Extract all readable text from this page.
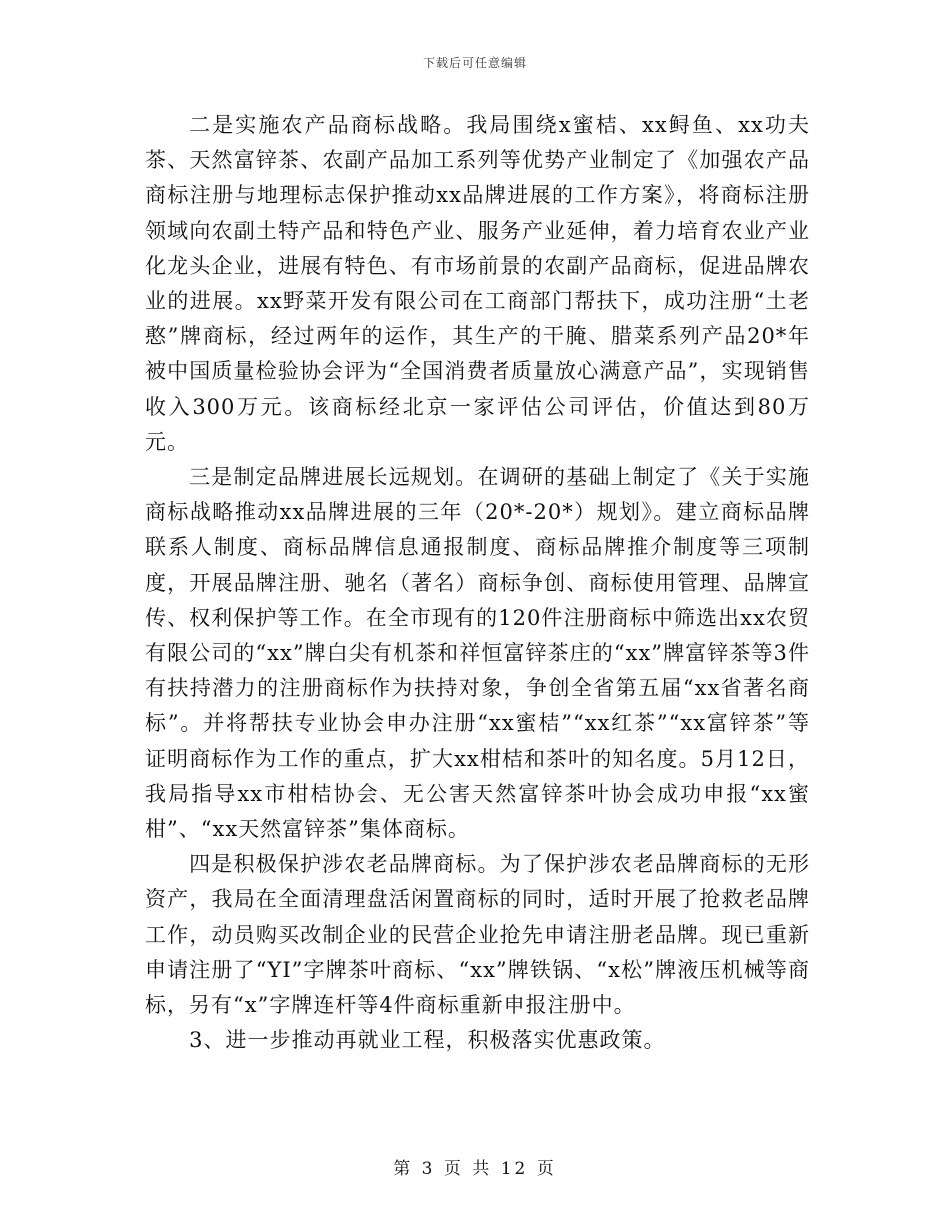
下载后可任意编辑

二是实施农产品商标战略。我局围绕x蜜桔、xx鲟鱼、xx功夫茶、天然富锌茶、农副产品加工系列等优势产业制定了《加强农产品商标注册与地理标志保护推动xx品牌进展的工作方案》，将商标注册领域向农副土特产品和特色产业、服务产业延伸，着力培育农业产业化龙头企业，进展有特色、有市场前景的农副产品商标，促进品牌农业的进展。xx野菜开发有限公司在工商部门帮扶下，成功注册“土老憨”牌商标，经过两年的运作，其生产的干腌、腊菜系列产品20*年被中国质量检验协会评为“全国消费者质量放心满意产品”，实现销售收入300万元。该商标经北京一家评估公司评估，价值达到80万元。

三是制定品牌进展长远规划。在调研的基础上制定了《关于实施商标战略推动xx品牌进展的三年（20*-20*）规划》。建立商标品牌联系人制度、商标品牌信息通报制度、商标品牌推介制度等三项制度，开展品牌注册、驰名（著名）商标争创、商标使用管理、品牌宣传、权利保护等工作。在全市现有的120件注册商标中筛选出xx农贸有限公司的“xx”牌白尖有机茶和祥恒富锌茶庄的“xx”牌富锌茶等3件有扶持潜力的注册商标作为扶持对象，争创全省第五届“xx省著名商标”。并将帮扶专业协会申办注册“xx蜜桔”“xx红茶”“xx富锌茶”等证明商标作为工作的重点，扩大xx柑桔和茶叶的知名度。5月12日，我局指导xx市柑桔协会、无公害天然富锌茶叶协会成功申报“xx蜜柑”、“xx天然富锌茶”集体商标。

四是积极保护涉农老品牌商标。为了保护涉农老品牌商标的无形资产，我局在全面清理盘活闲置商标的同时，适时开展了抢救老品牌工作，动员购买改制企业的民营企业抢先申请注册老品牌。现已重新申请注册了“YI”字牌茶叶商标、“xx”牌铁锅、“x松”牌液压机械等商标，另有“x”字牌连杆等4件商标重新申报注册中。

3、进一步推动再就业工程，积极落实优惠政策。

第 3 页 共 12 页
